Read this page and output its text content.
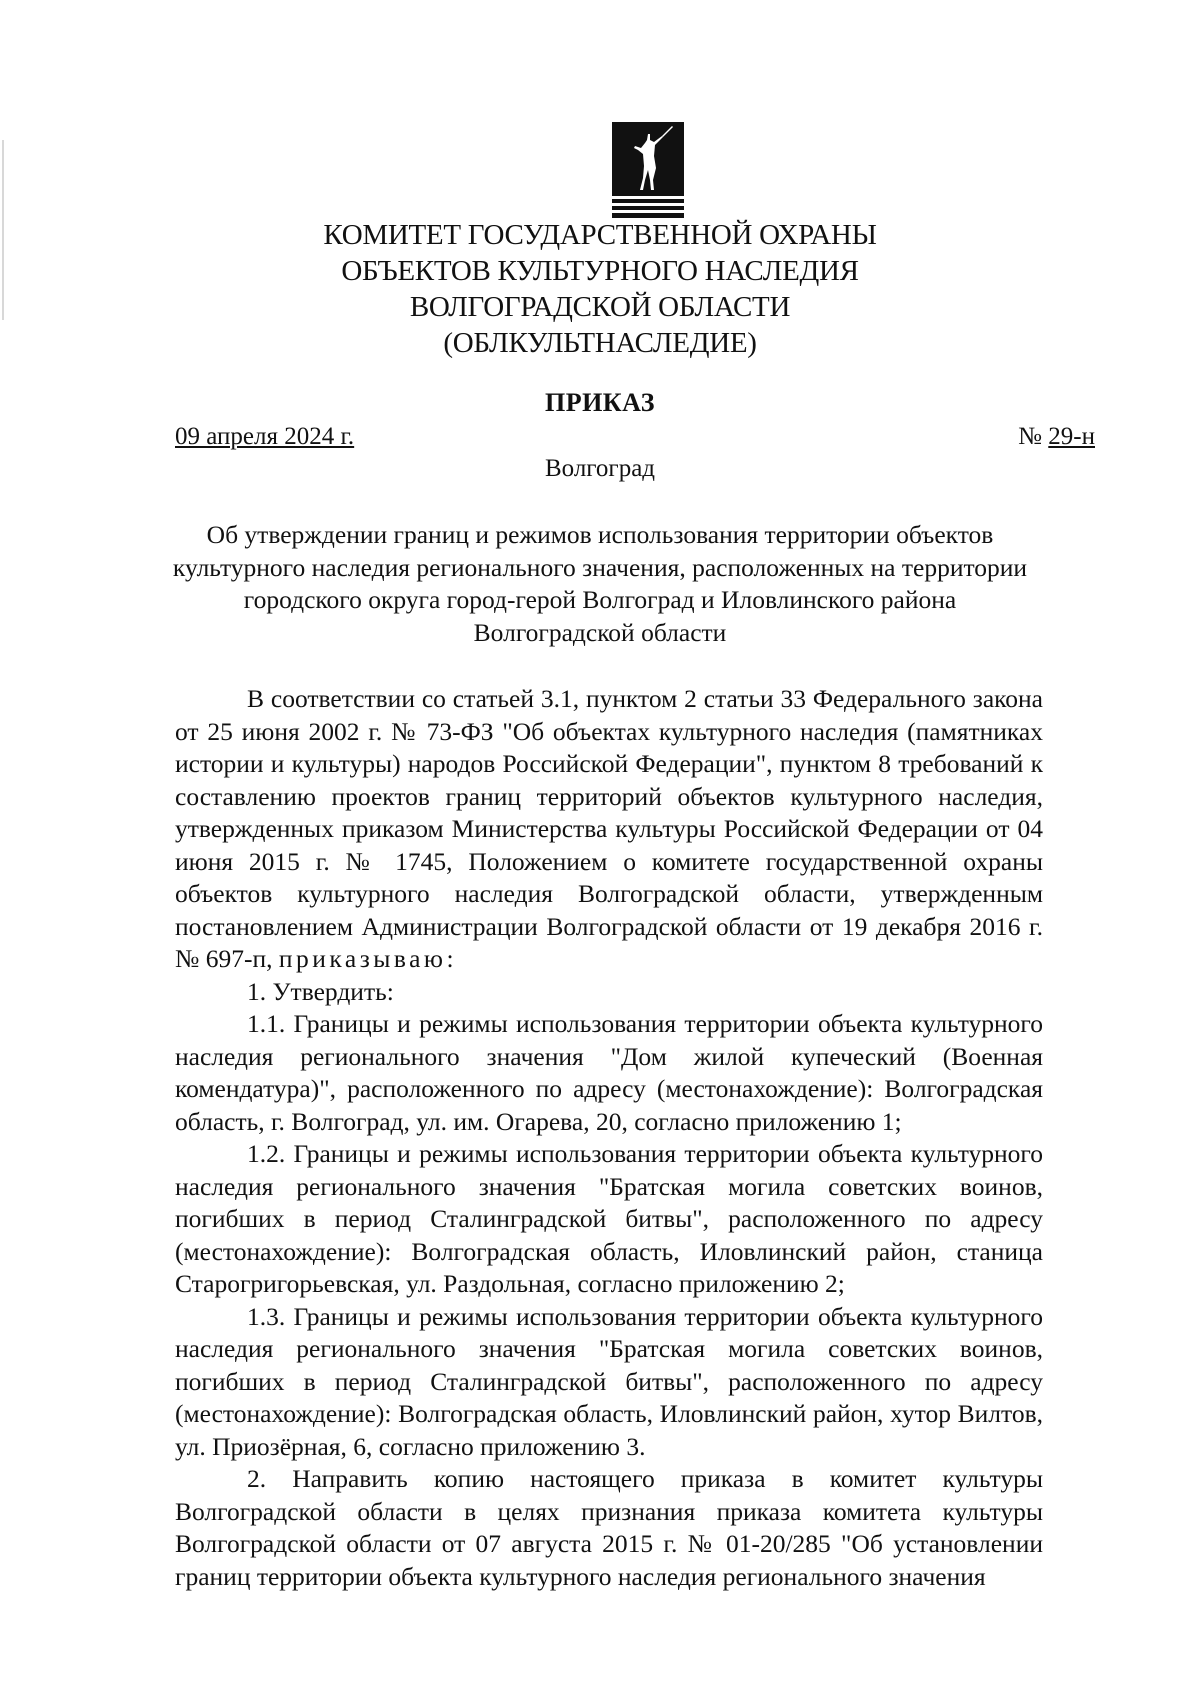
КОМИТЕТ ГОСУДАРСТВЕННОЙ ОХРАНЫ
ОБЪЕКТОВ КУЛЬТУРНОГО НАСЛЕДИЯ
ВОЛГОГРАДСКОЙ ОБЛАСТИ
(ОБЛКУЛЬТНАСЛЕДИЕ)
ПРИКАЗ
09 апреля 2024 г.	№ 29-н
Волгоград
Об утверждении границ и режимов использования территории объектов
культурного наследия регионального значения, расположенных на территории
городского округа город-герой Волгоград и Иловлинского района
Волгоградской области

В соответствии со статьей 3.1, пунктом 2 статьи 33 Федерального закона от 25 июня 2002 г. № 73-ФЗ "Об объектах культурного наследия (памятниках истории и культуры) народов Российской Федерации", пунктом 8 требований к составлению проектов границ территорий объектов культурного наследия, утвержденных приказом Министерства культуры Российской Федерации от 04 июня 2015 г. № 1745, Положением о комитете государственной охраны объектов культурного наследия Волгоградской области, утвержденным постановлением Администрации Волгоградской области от 19 декабря 2016 г. № 697-п, приказываю:

1. Утвердить:

1.1. Границы и режимы использования территории объекта культурного наследия регионального значения "Дом жилой купеческий (Военная комендатура)", расположенного по адресу (местонахождение): Волгоградская область, г. Волгоград, ул. им. Огарева, 20, согласно приложению 1;

1.2. Границы и режимы использования территории объекта культурного наследия регионального значения "Братская могила советских воинов, погибших в период Сталинградской битвы", расположенного по адресу (местонахождение): Волгоградская область, Иловлинский район, станица Старогригорьевская, ул. Раздольная, согласно приложению 2;

1.3. Границы и режимы использования территории объекта культурного наследия регионального значения "Братская могила советских воинов, погибших в период Сталинградской битвы", расположенного по адресу (местонахождение): Волгоградская область, Иловлинский район, хутор Вилтов, ул. Приозёрная, 6, согласно приложению 3.

2. Направить копию настоящего приказа в комитет культуры Волгоградской области в целях признания приказа комитета культуры Волгоградской области от 07 августа 2015 г. № 01-20/285 "Об установлении границ территории объекта культурного наследия регионального значения
